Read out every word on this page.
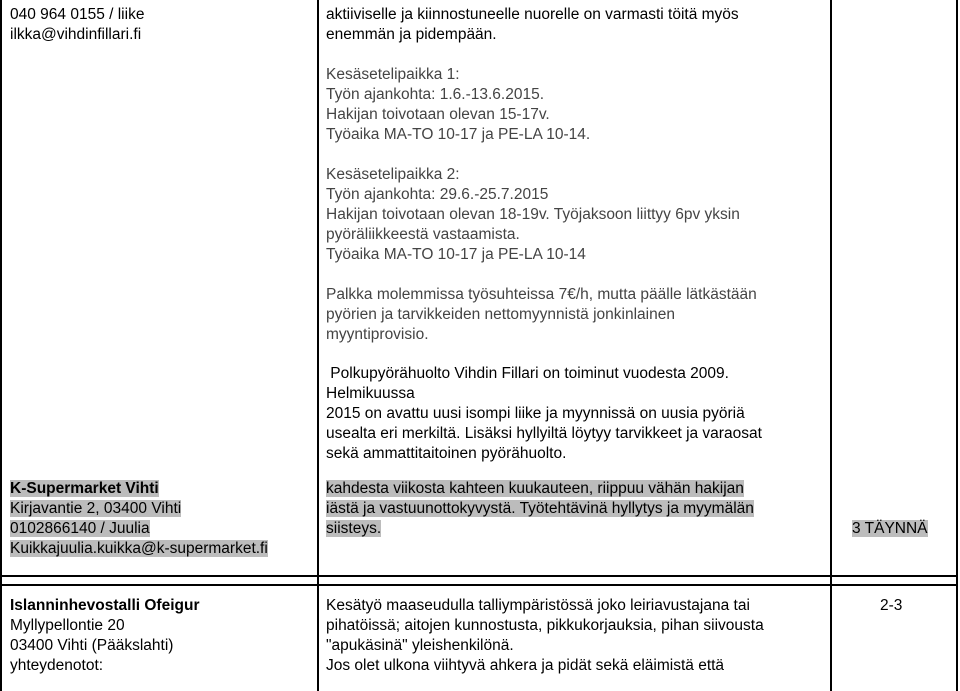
040 964 0155 / liike

ilkka@vihdinfillari.fi

aktiiviselle ja kiinnostuneelle nuorelle on varmasti töitä myös

enemmän ja pidempään.

Kesäsetelipaikka 1:

Työn ajankohta: 1.6.-13.6.2015.

Hakijan toivotaan olevan 15-17v.

Työaika MA-TO 10-17 ja PE-LA 10-14.

Kesäsetelipaikka 2:

Työn ajankohta: 29.6.-25.7.2015

Hakijan toivotaan olevan 18-19v. Työjaksoon liittyy 6pv yksin

pyöräliikkeestä vastaamista.

Työaika MA-TO 10-17 ja PE-LA 10-14

Palkka molemmissa työsuhteissa 7€/h, mutta päälle lätkästään

pyörien ja tarvikkeiden nettomyynnistä jonkinlainen

myyntiprovisio.

Polkupyörähuolto Vihdin Fillari on toiminut vuodesta 2009.

Helmikuussa

2015 on avattu uusi isompi liike ja myynnissä on uusia pyöriä

usealta eri merkiltä. Lisäksi hyllyiltä löytyy tarvikkeet ja varaosat

sekä ammattitaitoinen pyörähuolto.

K-Supermarket Vihti

Kirjavantie 2, 03400 Vihti

0102866140 / Juulia

Kuikkajuulia.kuikka@k-supermarket.fi

kahdesta viikosta kahteen kuukauteen, riippuu vähän hakijan

iästä ja vastuunottokyvystä. Työtehtävinä hyllytys ja myymälän

siisteys.	3 TÄYNNÄ

Islanninhevostalli Ofeigur

Myllypellontie 20

03400 Vihti (Pääkslahti)

yhteydenotot:

Kesätyö maaseudulla talliympäristössä joko leiriavustajana tai

pihatöissä; aitojen kunnostusta, pikkukorjauksia, pihan siivousta

"apukäsinä" yleishenkilönä.

Jos olet ulkona viihtyvä ahkera ja pidät sekä eläimistä että

2-3
